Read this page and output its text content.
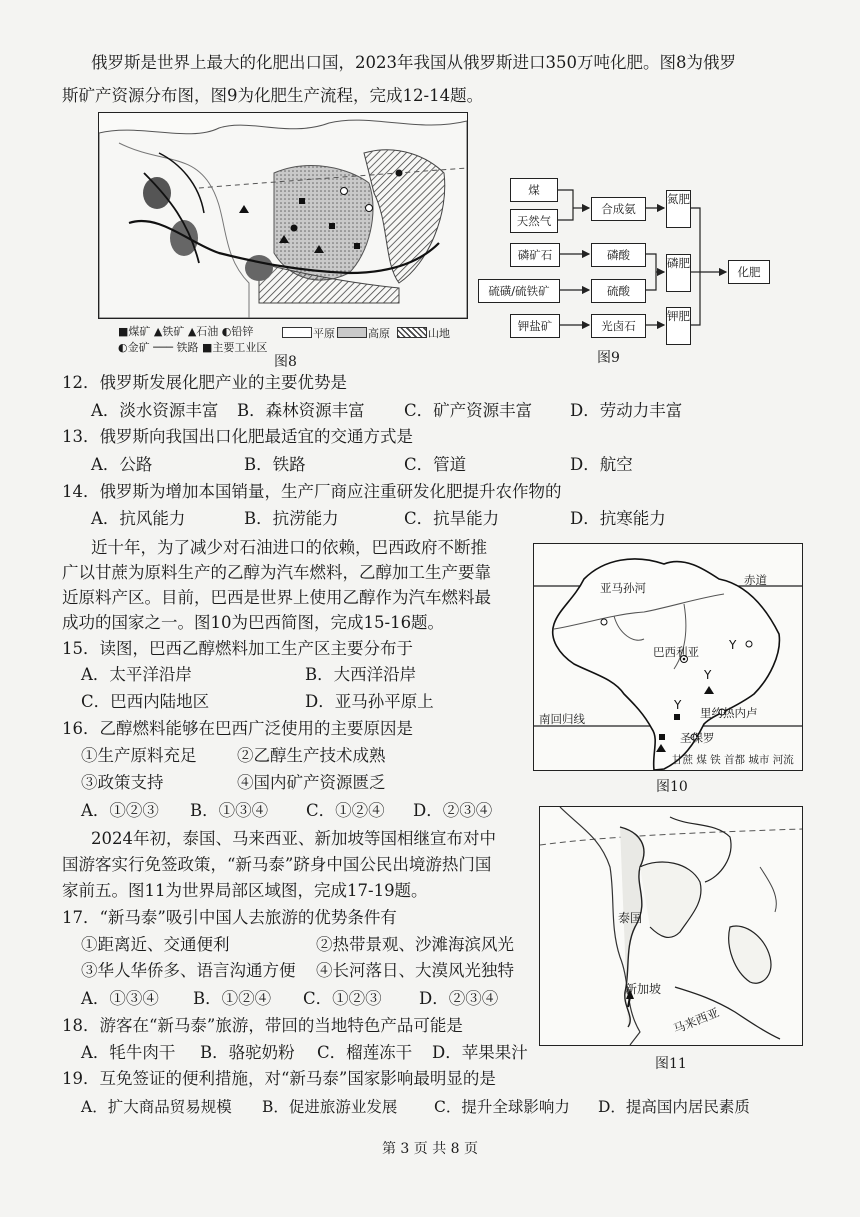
俄罗斯是世界上最大的化肥出口国，2023年我国从俄罗斯进口350万吨化肥。图8为俄罗
斯矿产资源分布图，图9为化肥生产流程，完成12-14题。
■煤矿 ▲铁矿 ▲石油 ◐铅锌
◐金矿 ─── 铁路 ■主要工业区
平原	高原	山地
图8
煤
天然气
合成氨
氮肥
磷矿石	磷酸
磷肥
硫磺/硫铁矿	硫酸
钾盐矿	光卤石
钾肥
化肥
图9
12．俄罗斯发展化肥产业的主要优势是
A．淡水资源丰富 B．森林资源丰富 C．矿产资源丰富 D．劳动力丰富
13．俄罗斯向我国出口化肥最适宜的交通方式是
A．公路	B．铁路	C．管道	D．航空
14．俄罗斯为增加本国销量，生产厂商应注重研发化肥提升农作物的
A．抗风能力	B．抗涝能力	C．抗旱能力	D．抗寒能力
近十年，为了减少对石油进口的依赖，巴西政府不断推
广以甘蔗为原料生产的乙醇为汽车燃料，乙醇加工生产要靠
近原料产区。目前，巴西是世界上使用乙醇作为汽车燃料最
成功的国家之一。图10为巴西简图，完成15-16题。
Y
Y
Y
亚马孙河
赤道
巴西利亚
南回归线	里约热内卢
圣保罗
甘蔗 煤 铁 首都 城市 河流
图10
15．读图，巴西乙醇燃料加工生产区主要分布于
A．太平洋沿岸	B．大西洋沿岸
C．巴西内陆地区	D．亚马孙平原上
16．乙醇燃料能够在巴西广泛使用的主要原因是
①生产原料充足 ②乙醇生产技术成熟
③政策支持	④国内矿产资源匮乏
A．①②③ B．①③④ C．①②④ D．②③④
2024年初，泰国、马来西亚、新加坡等国相继宣布对中
国游客实行免签政策，“新马泰”跻身中国公民出境游热门国
家前五。图11为世界局部区域图，完成17-19题。
泰国
新加坡
马来西亚
图11
17．“新马泰”吸引中国人去旅游的优势条件有
①距离近、交通便利	②热带景观、沙滩海滨风光
③华人华侨多、语言沟通方便 ④长河落日、大漠风光独特
A．①③④ B．①②④ C．①②③ D．②③④
18．游客在“新马泰”旅游，带回的当地特色产品可能是
A．牦牛肉干 B．骆驼奶粉 C．榴莲冻干 D．苹果果汁
19．互免签证的便利措施，对“新马泰”国家影响最明显的是
A．扩大商品贸易规模 B．促进旅游业发展 C．提升全球影响力 D．提高国内居民素质
第 3 页 共 8 页
